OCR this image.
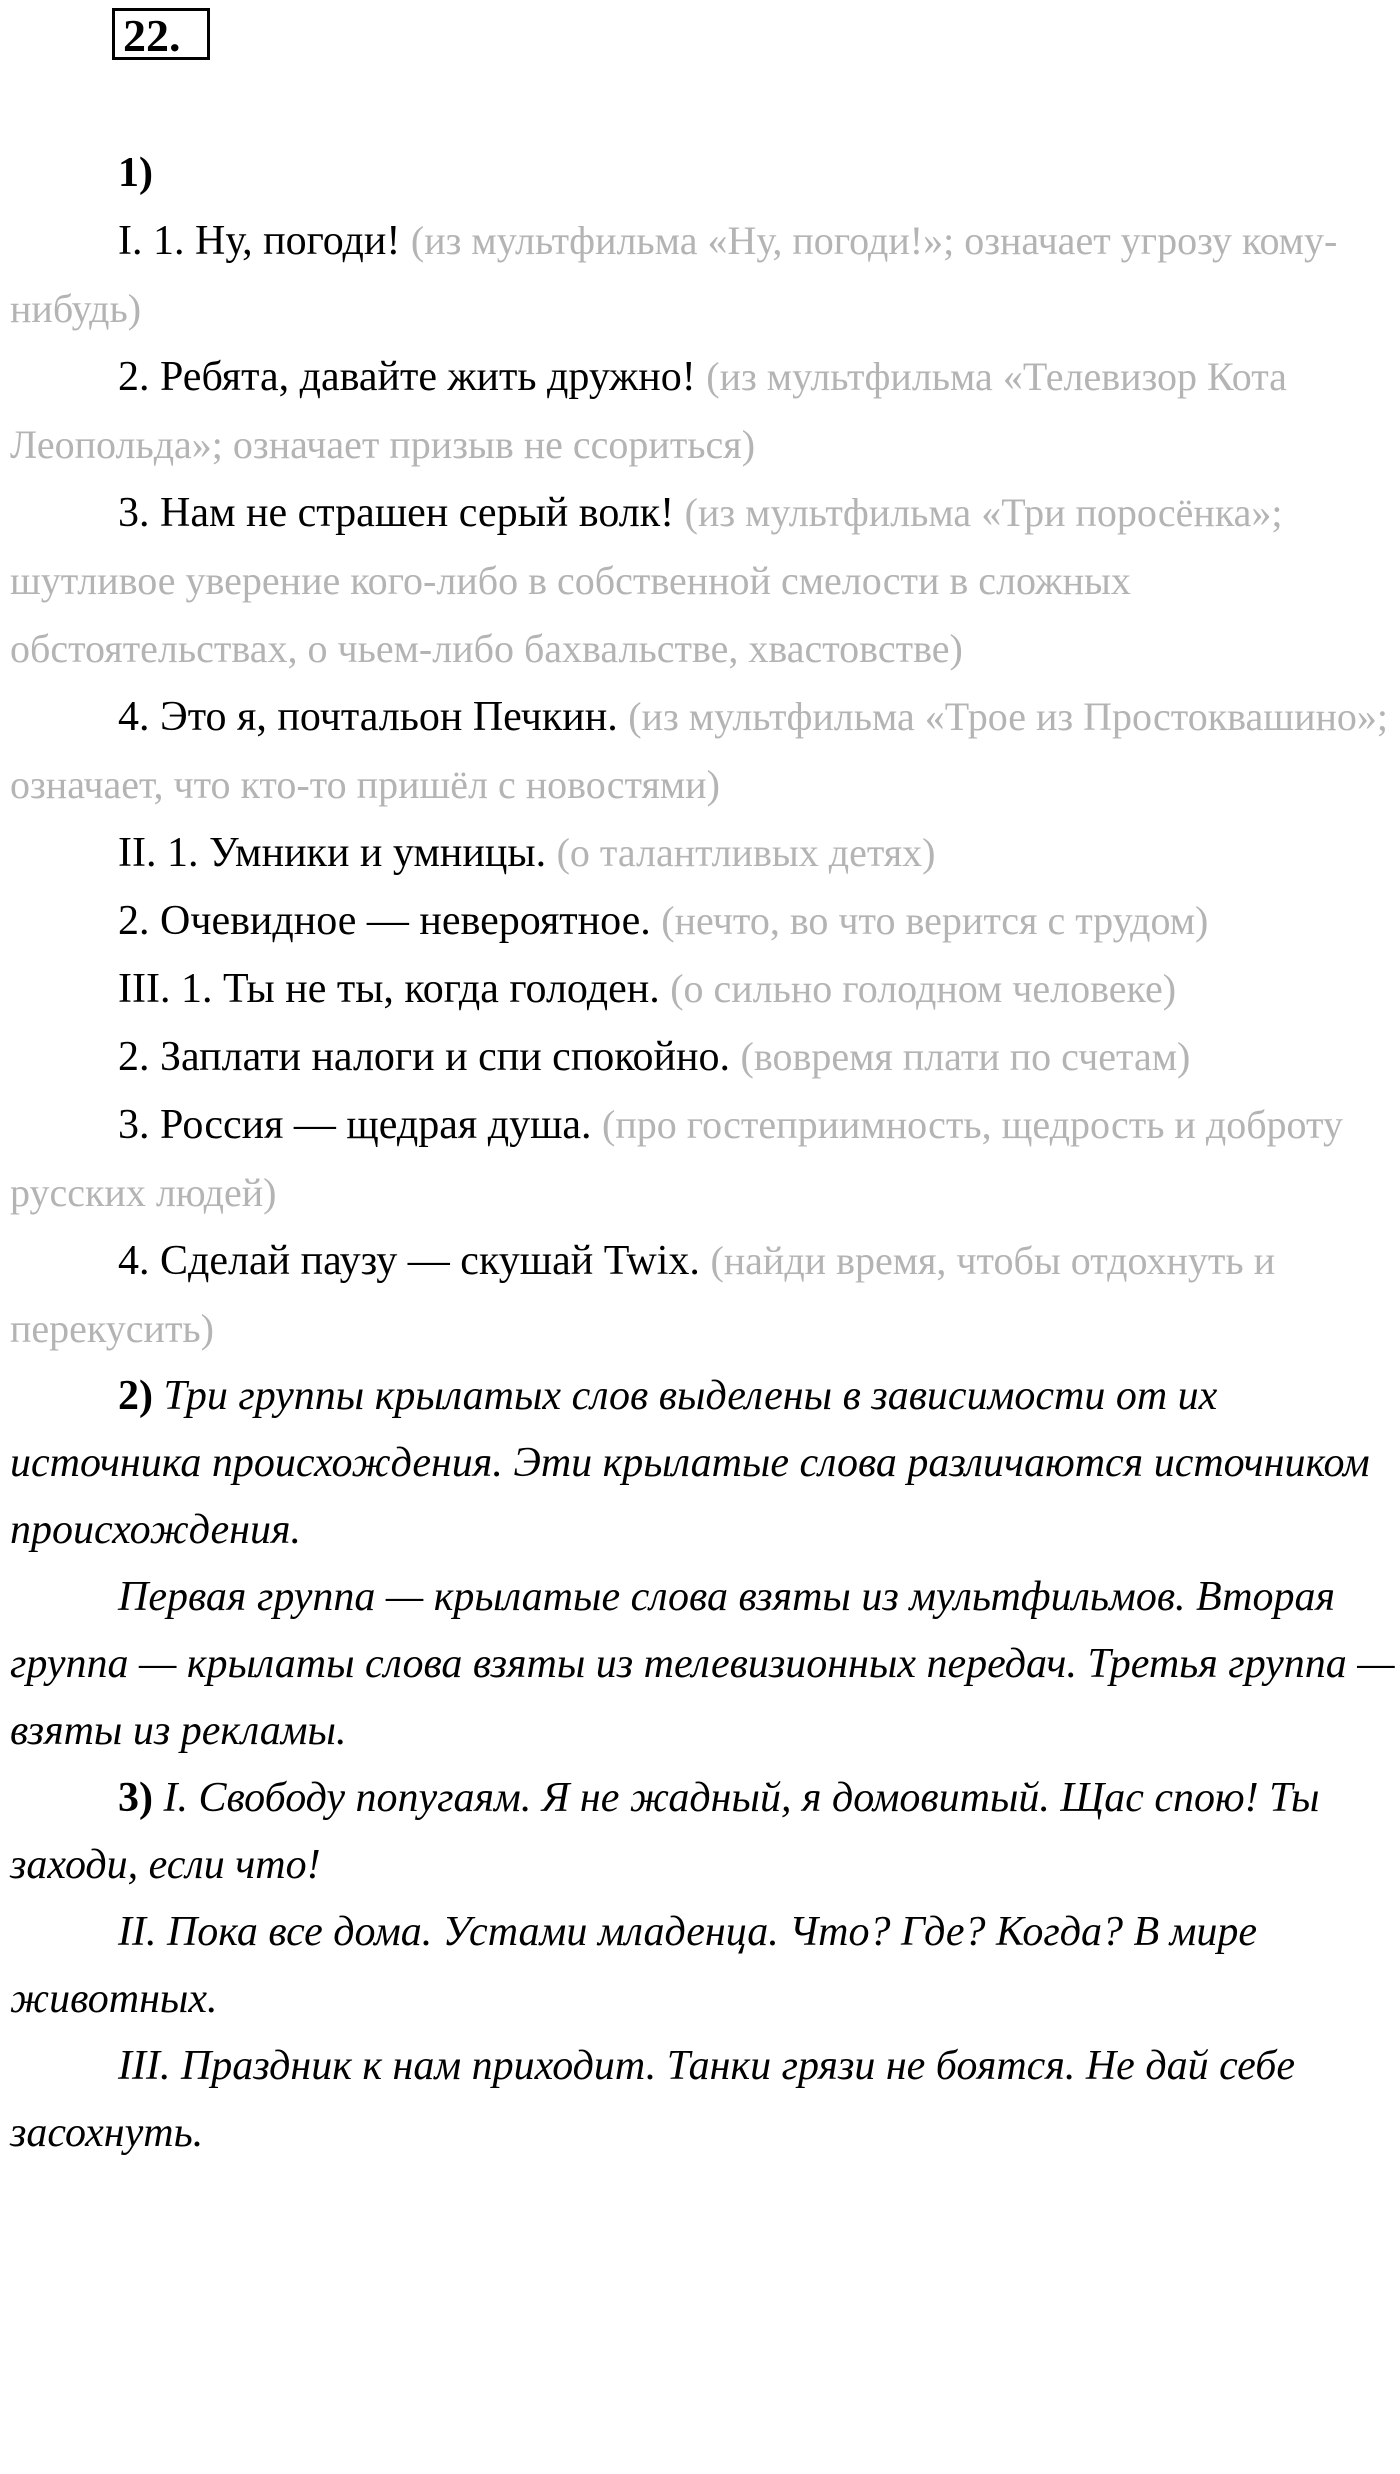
22.

1)

I. 1. Ну, погоди! (из мультфильма «Ну, погоди!»; означает угрозу кому-нибудь)

2. Ребята, давайте жить дружно! (из мультфильма «Телевизор Кота Леопольда»; означает призыв не ссориться)

3. Нам не страшен серый волк! (из мультфильма «Три поросёнка»; шутливое уверение кого-либо в собственной смелости в сложных обстоятельствах, о чьем-либо бахвальстве, хвастовстве)

4. Это я, почтальон Печкин. (из мультфильма «Трое из Простоквашино»; означает, что кто-то пришёл с новостями)

II. 1. Умники и умницы. (о талантливых детях)

2. Очевидное — невероятное. (нечто, во что верится с трудом)

III. 1. Ты не ты, когда голоден. (о сильно голодном человеке)

2. Заплати налоги и спи спокойно. (вовремя плати по счетам)

3. Россия — щедрая душа. (про гостеприимность, щедрость и доброту русских людей)

4. Сделай паузу — скушай Twix. (найди время, чтобы отдохнуть и перекусить)

2) Три группы крылатых слов выделены в зависимости от их источника происхождения. Эти крылатые слова различаются источником происхождения.

Первая группа — крылатые слова взяты из мультфильмов. Вторая группа — крылаты слова взяты из телевизионных передач. Третья группа — взяты из рекламы.

3) I. Свободу попугаям. Я не жадный, я домовитый. Щас спою! Ты заходи, если что!

II. Пока все дома. Устами младенца. Что? Где? Когда? В мире животных.

III. Праздник к нам приходит. Танки грязи не боятся. Не дай себе засохнуть.
